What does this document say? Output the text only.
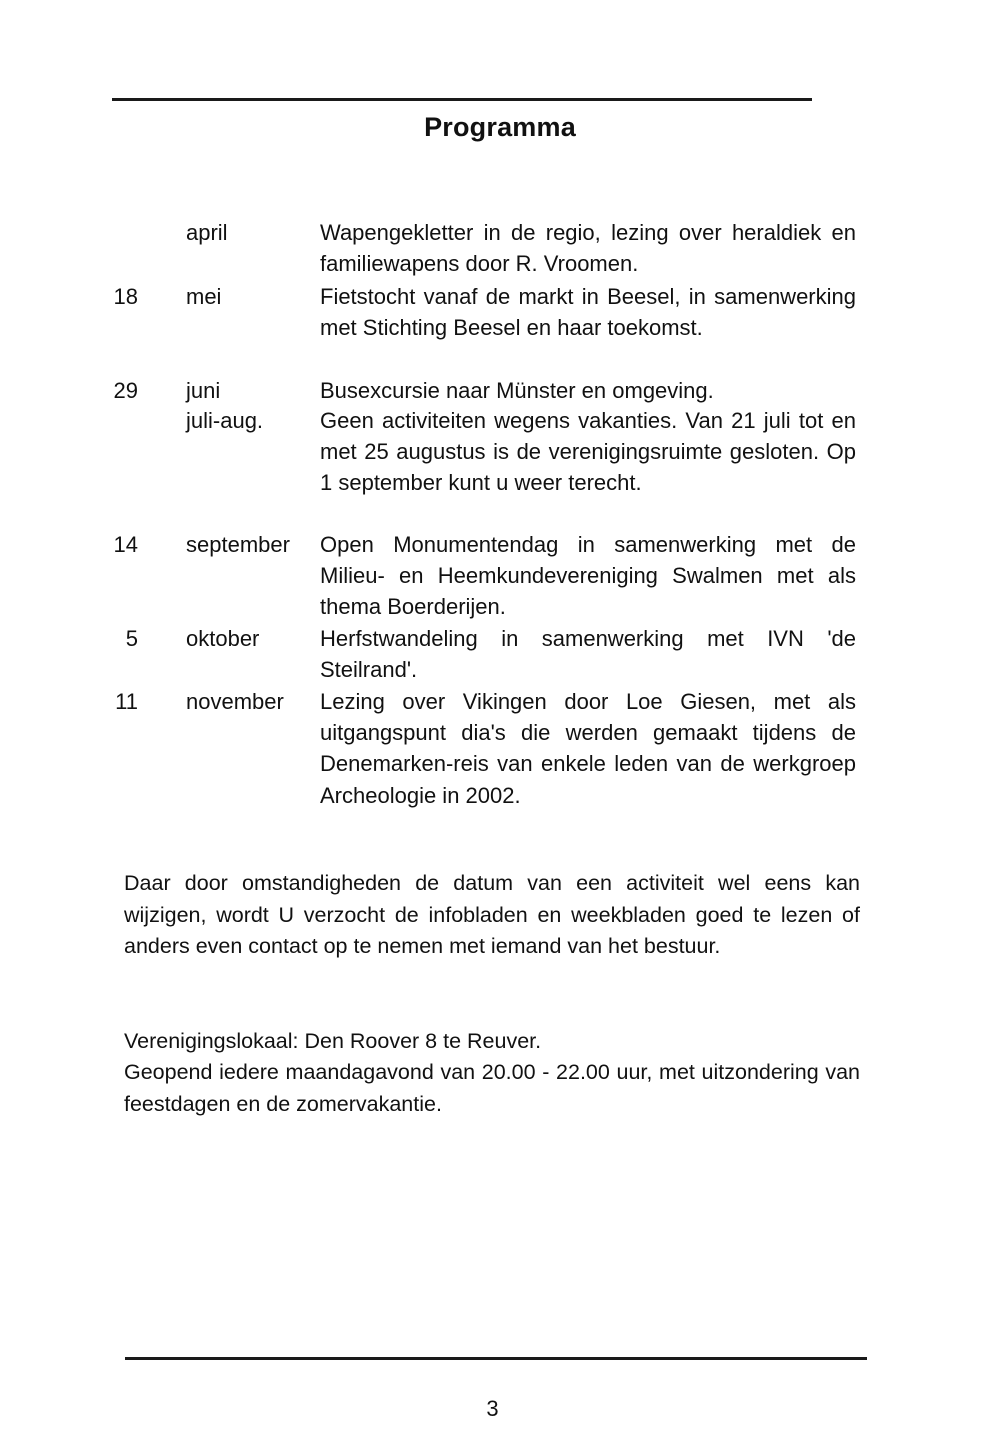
Programma
april	Wapengekletter in de regio, lezing over heraldiek en familiewapens door R. Vroomen.
18 mei	Fietstocht vanaf de markt in Beesel, in samenwerking met Stichting Beesel en haar toekomst.
29 juni	Busexcursie naar Münster en omgeving.
juli-aug.	Geen activiteiten wegens vakanties. Van 21 juli tot en met 25 augustus is de verenigingsruimte gesloten. Op 1 september kunt u weer terecht.
14 september Open Monumentendag in samenwerking met de Milieu- en Heemkundevereniging Swalmen met als thema Boerderijen.
5 oktober	Herfstwandeling in samenwerking met IVN 'de Steilrand'.
11 november Lezing over Vikingen door Loe Giesen, met als uitgangspunt dia's die werden gemaakt tijdens de Denemarken-reis van enkele leden van de werkgroep Archeologie in 2002.
Daar door omstandigheden de datum van een activiteit wel eens kan wijzigen, wordt U verzocht de infobladen en weekbladen goed te lezen of anders even contact op te nemen met iemand van het bestuur.
Verenigingslokaal: Den Roover 8 te Reuver.
Geopend iedere maandagavond van 20.00 - 22.00 uur, met uitzondering van feestdagen en de zomervakantie.
3
